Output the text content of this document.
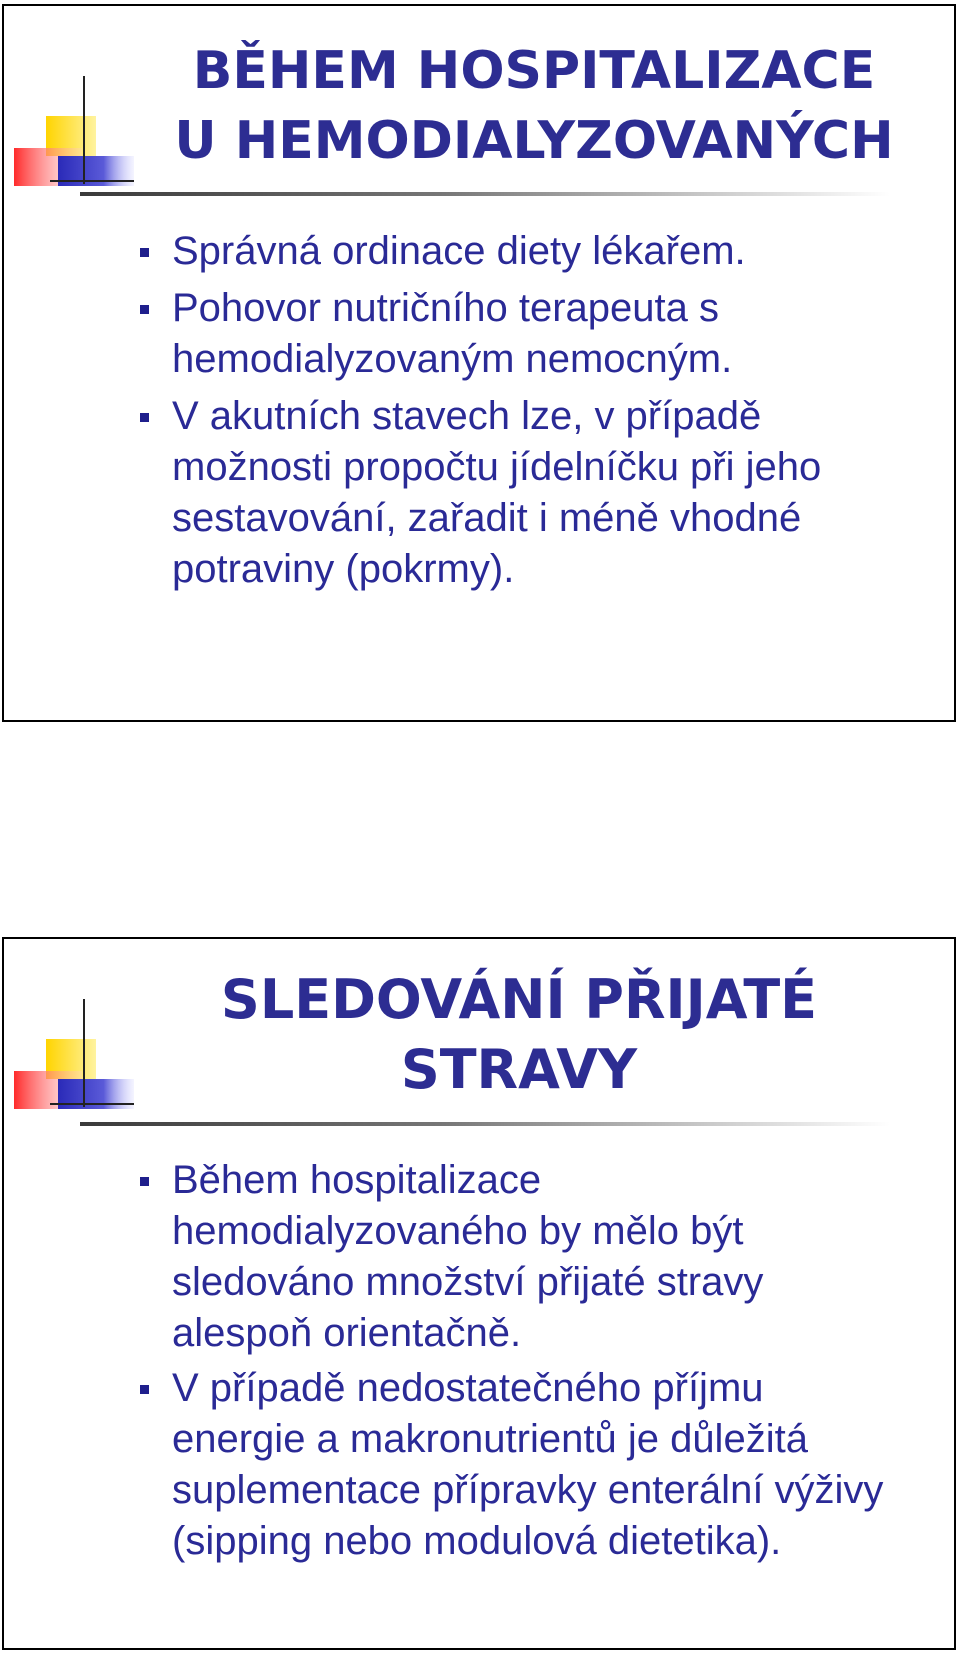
BĚHEM HOSPITALIZACE
U HEMODIALYZOVANÝCH
Správná ordinace diety lékařem.
Pohovor nutričního terapeuta s
hemodialyzovaným nemocným.
V akutních stavech lze, v případě
možnosti propočtu jídelníčku při jeho
sestavování, zařadit i méně vhodné
potraviny (pokrmy).
SLEDOVÁNÍ PŘIJATÉ
STRAVY
Během hospitalizace
hemodialyzovaného by mělo být
sledováno množství přijaté stravy
alespoň orientačně.
V případě nedostatečného příjmu
energie a makronutrientů je důležitá
suplementace přípravky enterální výživy
(sipping nebo modulová dietetika).
